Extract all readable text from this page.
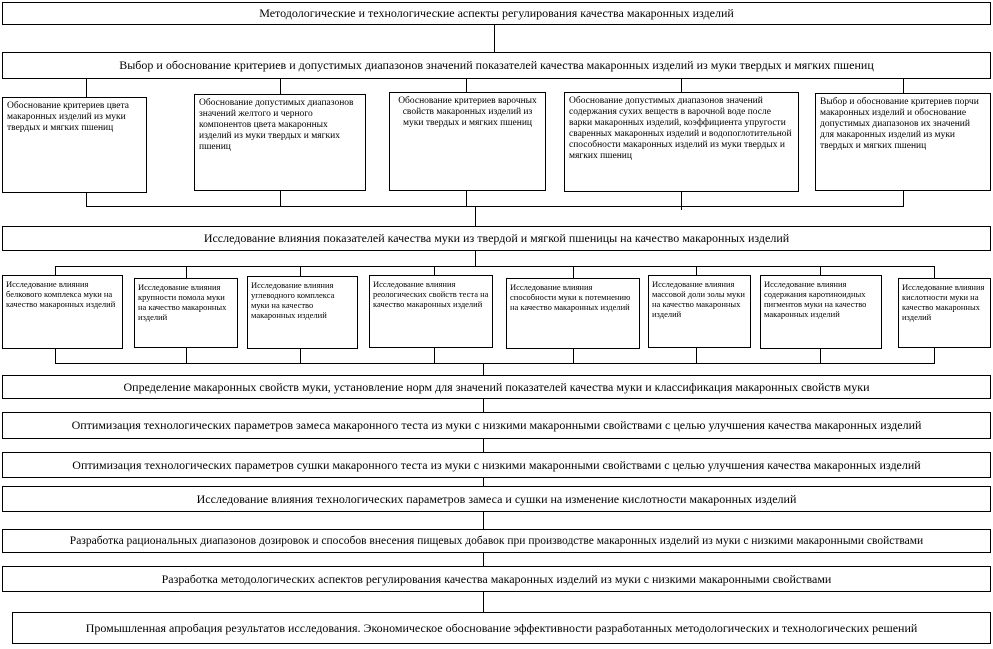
Методологические и технологические аспекты регулирования качества макаронных изделий
Выбор и обоснование критериев и допустимых диапазонов значений показателей качества макаронных изделий из муки твердых и мягких пшениц
Обоснование критериев цвета макаронных изделий из муки твердых и мягких пшениц
Обоснование допустимых диапазонов значений желтого и черного компонентов цвета макаронных изделий из муки твердых и мягких пшениц
Обоснование критериев варочных свойств макаронных изделий из муки твердых и мягких пшениц
Обоснование допустимых диапазонов значений содержания сухих веществ в варочной воде после варки макаронных изделий, коэффициента упругости сваренных макаронных изделий и водопоглотительной способности макаронных изделий из муки твердых и мягких пшениц
Выбор и обоснование критериев порчи макаронных изделий и обоснование допустимых диапазонов их значений для макаронных изделий из муки твердых и мягких пшениц
Исследование влияния показателей качества муки из твердой и мягкой пшеницы на качество макаронных изделий
Исследование влияния белкового комплекса муки на качество макаронных изделий
Исследование влияния крупности помола муки на качество макаронных изделий
Исследование влияния углеводного комплекса муки на качество макаронных изделий
Исследование влияния реологических свойств теста на качество макаронных изделий
Исследование влияния способности муки к потемнению на качество макаронных изделий
Исследование влияния массовой доли золы муки на качество макаронных изделий
Исследование влияния содержания каротиноидных пигментов муки на качество макаронных изделий
Исследование влияния кислотности муки на качество макаронных изделий
Определение макаронных свойств муки, установление норм для значений показателей качества муки и классификация макаронных свойств муки
Оптимизация технологических параметров замеса макаронного теста из муки с низкими макаронными свойствами с целью улучшения качества макаронных изделий
Оптимизация технологических параметров сушки макаронного теста из муки с низкими макаронными свойствами с целью улучшения качества макаронных изделий
Исследование влияния технологических параметров замеса и сушки на изменение кислотности макаронных изделий
Разработка рациональных диапазонов дозировок и способов внесения пищевых добавок при производстве макаронных изделий из муки с низкими макаронными свойствами
Разработка методологических аспектов регулирования качества макаронных изделий из муки с низкими макаронными свойствами
Промышленная апробация результатов исследования. Экономическое обоснование эффективности разработанных методологических и технологических решений
